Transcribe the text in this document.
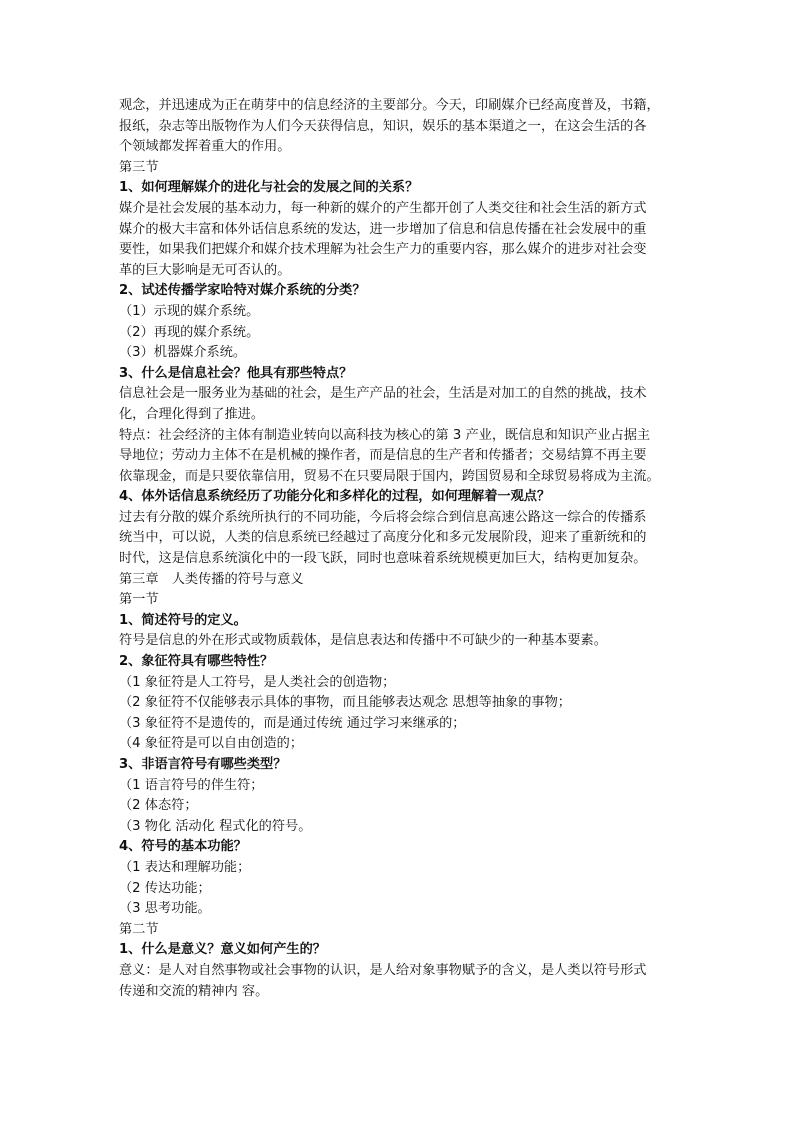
观念，并迅速成为正在萌芽中的信息经济的主要部分。今天，印刷媒介已经高度普及，书籍，
报纸，杂志等出版物作为人们今天获得信息，知识，娱乐的基本渠道之一，在这会生活的各
个领域都发挥着重大的作用。
第三节
1、如何理解媒介的进化与社会的发展之间的关系？
媒介是社会发展的基本动力，每一种新的媒介的产生都开创了人类交往和社会生活的新方式
媒介的极大丰富和体外话信息系统的发达，进一步增加了信息和信息传播在社会发展中的重
要性，如果我们把媒介和媒介技术理解为社会生产力的重要内容，那么媒介的进步对社会变
革的巨大影响是无可否认的。
2、试述传播学家哈特对媒介系统的分类？
（1）示现的媒介系统。
（2）再现的媒介系统。
（3）机器媒介系统。
3、什么是信息社会？他具有那些特点？
信息社会是一服务业为基础的社会，是生产产品的社会，生活是对加工的自然的挑战，技术
化，合理化得到了推进。
特点：社会经济的主体有制造业转向以高科技为核心的第 3 产业，既信息和知识产业占据主
导地位；劳动力主体不在是机械的操作者，而是信息的生产者和传播者；交易结算不再主要
依靠现金，而是只要依靠信用，贸易不在只要局限于国内，跨国贸易和全球贸易将成为主流。
4、体外话信息系统经历了功能分化和多样化的过程，如何理解着一观点？
过去有分散的媒介系统所执行的不同功能，今后将会综合到信息高速公路这一综合的传播系
统当中，可以说，人类的信息系统已经越过了高度分化和多元发展阶段，迎来了重新统和的
时代，这是信息系统演化中的一段飞跃，同时也意味着系统规模更加巨大，结构更加复杂。
第三章　人类传播的符号与意义
第一节
1、简述符号的定义。
符号是信息的外在形式或物质载体，是信息表达和传播中不可缺少的一种基本要素。
2、象征符具有哪些特性？
（1 象征符是人工符号，是人类社会的创造物；
（2 象征符不仅能够表示具体的事物，而且能够表达观念 思想等抽象的事物；
（3 象征符不是遗传的，而是通过传统 通过学习来继承的；
（4 象征符是可以自由创造的；
3、非语言符号有哪些类型？
（1 语言符号的伴生符；
（2 体态符；
（3 物化 活动化 程式化的符号。
4、符号的基本功能？
（1 表达和理解功能；
（2 传达功能；
（3 思考功能。
第二节
1、什么是意义？意义如何产生的？
意义：是人对自然事物或社会事物的认识，是人给对象事物赋予的含义，是人类以符号形式
传递和交流的精神内 容。
